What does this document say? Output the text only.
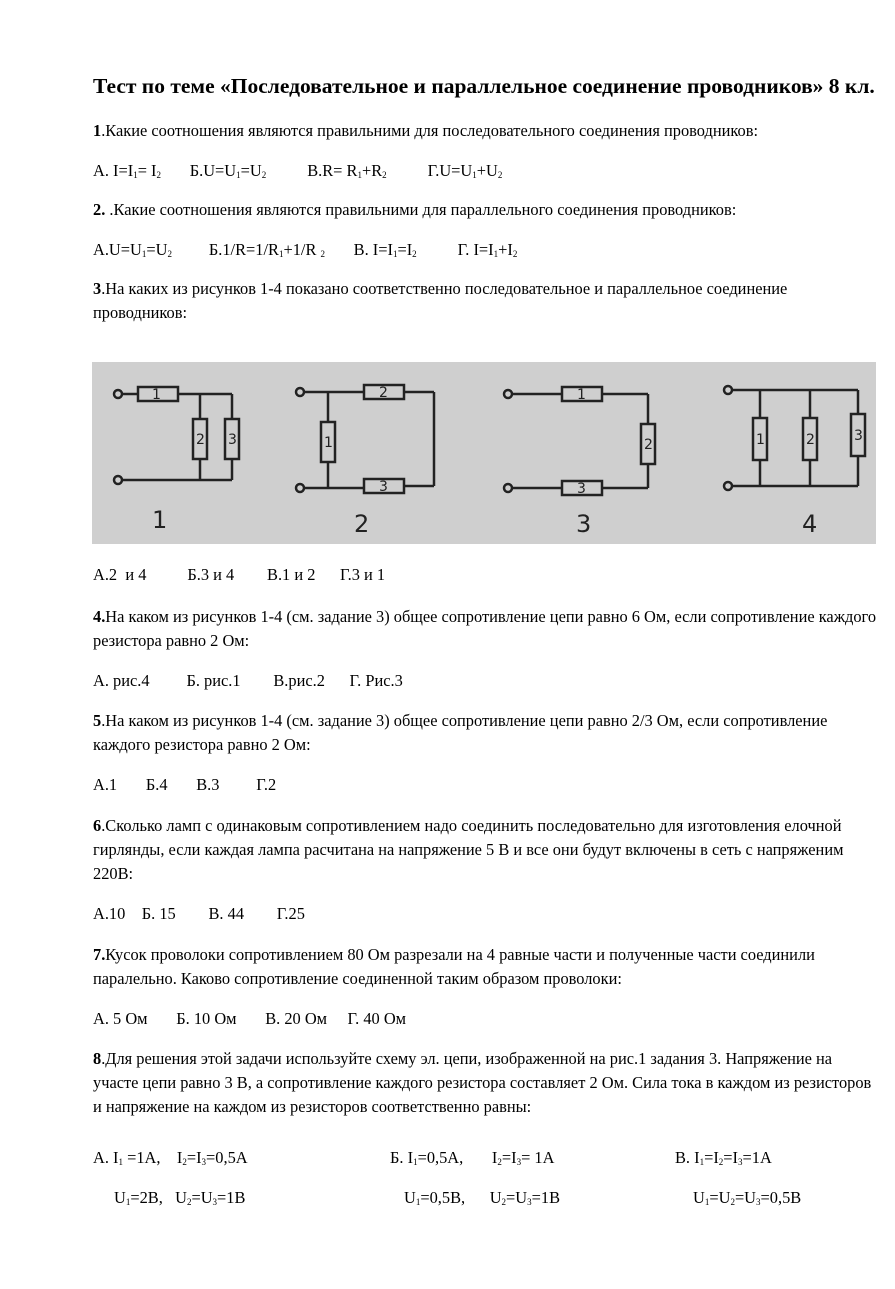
Тест по теме «Последовательное и параллельное соединение проводников» 8 кл.

1.Какие соотношения являются правильними для последовательного соединения проводников:

А. $I=I_1= I_2$       $Б.U=U_1=U_2$          $В.R= R_1+R_2$          $Г.U=U_1+U_2$

2. .Какие соотношения являются правильними для параллельного соединения проводников:

$А.U=U_1=U_2$         $Б.1/R=1/R_1+1/R$ $_2$       В. $I=I_1=I_2$          Г. $I=I_1+I_2$

3.На каких из рисунков 1-4 показано соответственно последовательное и параллельное соединение проводников:

1
2 3	1
2
3
1
2
3
1	2	3
1	2	3	4

А.2  и 4          Б.3 и 4        В.1 и 2      Г.3 и 1

4.На каком из рисунков 1-4 (см. задание 3) общее сопротивление цепи равно 6 Ом, если сопротивление каждого резистора равно 2 Ом:

А. рис.4         Б. рис.1        В.рис.2      Г. Рис.3

5.На каком из рисунков 1-4 (см. задание 3) общее сопротивление цепи равно 2/3 Ом, если сопротивление каждого резистора равно 2 Ом:

А.1       Б.4       В.3         Г.2

6.Сколько ламп с одинаковым сопротивлением надо соединить последовательно для изготовления елочной гирлянды, если каждая лампа расчитана на напряжение 5 В и все они будут включены в сеть с напряженим 220В:

А.10    Б. 15        В. 44        Г.25

7.Кусок проволоки сопротивлением 80 Ом разрезали на 4 равные части и полученные части соединили паралельно. Каково сопротивление соединенной таким образом проволоки:

А. 5 Ом       Б. 10 Ом       В. 20 Ом     Г. 40 Ом

8.Для решения этой задачи используйте схему эл. цепи, изображенной на рис.1 задания 3. Напряжение на участе цепи равно 3 В, а сопротивление каждого резистора составляет 2 Ом. Сила тока в каждом из резисторов и напряжение на каждом из резисторов соответственно равны:

А. $I_1 =1А$,    $I_2=I_3=0,5А$
$U_1=2В$,   $U_2=U_3=1В$
Б. $I_1=0,5А$,       $I_2=I_3= 1А$
$U_1=0,5В$,      $U_2=U_3=1В$
В. $I_1=I_2=I_3=1А$
$U_1=U_2=U_3=0,5В$
